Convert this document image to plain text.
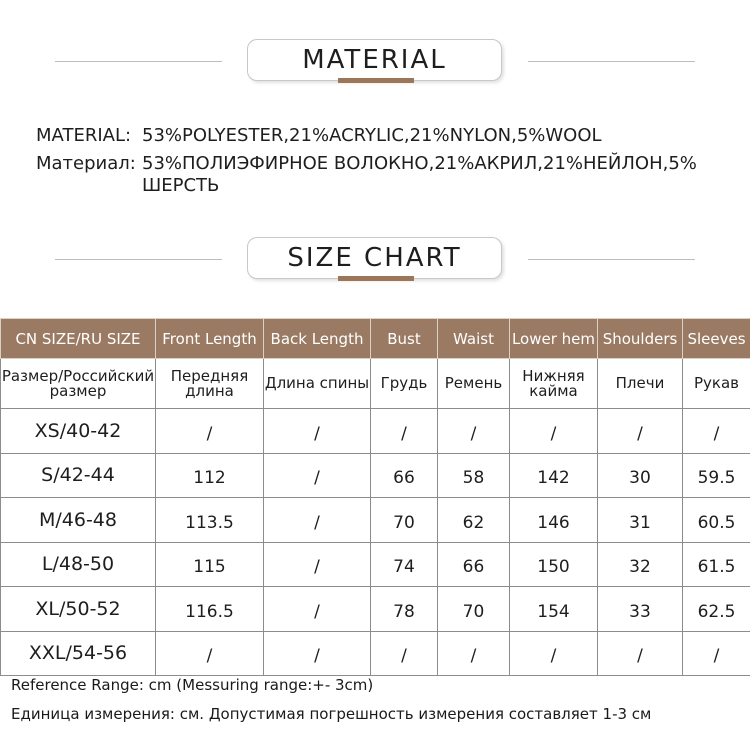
MATERIAL
MATERIAL: 53%POLYESTER,21%ACRYLIC,21%NYLON,5%WOOL
Материал: 53%ПОЛИЭФИРНОЕ ВОЛОКНО,21%АКРИЛ,21%НЕЙЛОН,5% ШЕРСТЬ
SIZE CHART
CN SIZE/RU SIZE	Front Length	Back Length	Bust	Waist	Lower hem	Shoulders	Sleeves
Размер/Российский размер	Передняя длина	Длина спины	Грудь	Ремень	Нижняя кайма	Плечи	Рукав
XS/40-42	/	/	/	/	/	/	/
S/42-44	112	/	66	58	142	30	59.5
M/46-48	113.5	/	70	62	146	31	60.5
L/48-50	115	/	74	66	150	32	61.5
XL/50-52	116.5	/	78	70	154	33	62.5
XXL/54-56	/	/	/	/	/	/	/
Reference Range: cm (Messuring range:+- 3cm)
Единица измерения: см. Допустимая погрешность измерения составляет 1-3 см
